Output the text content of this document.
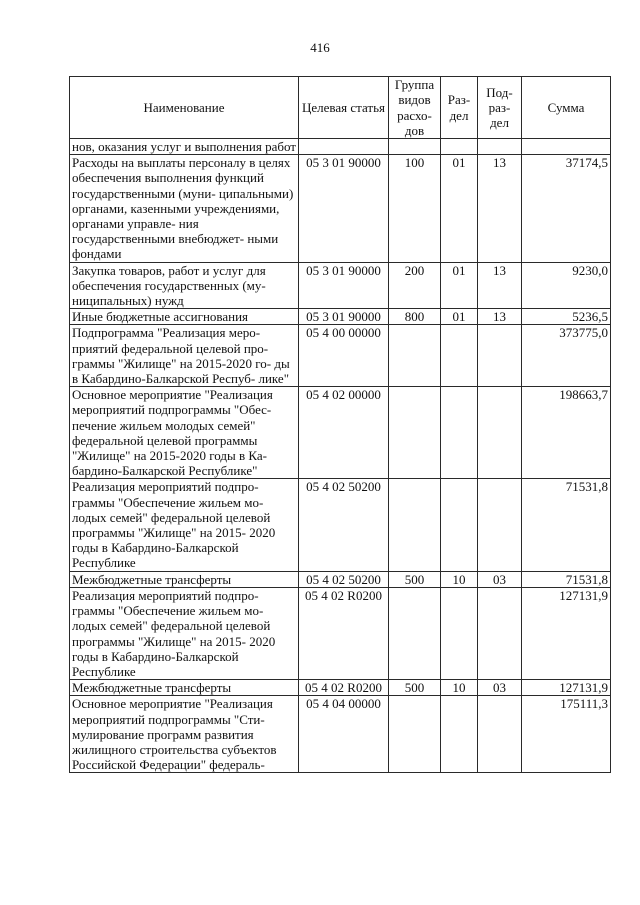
416
Наименование	Целевая статья	Группа видов расхо- дов	Раз- дел	Под- раз- дел	Сумма
нов, оказания услуг и выполнения работ					
Расходы на выплаты персоналу в целях обеспечения выполнения функций государственными (муни- ципальными) органами, казенными учреждениями, органами управле- ния государственными внебюджет- ными фондами	05 3 01 90000	100	01	13	37174,5
Закупка товаров, работ и услуг для обеспечения государственных (му- ниципальных) нужд	05 3 01 90000	200	01	13	9230,0
Иные бюджетные ассигнования	05 3 01 90000	800	01	13	5236,5
Подпрограмма "Реализация меро- приятий федеральной целевой про- граммы "Жилище" на 2015-2020 го- ды в Кабардино-Балкарской Респуб- лике"	05 4 00 00000				373775,0
Основное мероприятие "Реализация мероприятий подпрограммы "Обес- печение жильем молодых семей" федеральной целевой программы "Жилище" на 2015-2020 годы в Ка- бардино-Балкарской Республике"	05 4 02 00000				198663,7
Реализация мероприятий подпро- граммы "Обеспечение жильем мо- лодых семей" федеральной целевой программы "Жилище" на 2015- 2020 годы в Кабардино-Балкарской Республике	05 4 02 50200				71531,8
Межбюджетные трансферты	05 4 02 50200	500	10	03	71531,8
Реализация мероприятий подпро- граммы "Обеспечение жильем мо- лодых семей" федеральной целевой программы "Жилище" на 2015- 2020 годы в Кабардино-Балкарской Республике	05 4 02 R0200				127131,9
Межбюджетные трансферты	05 4 02 R0200	500	10	03	127131,9
Основное мероприятие "Реализация мероприятий подпрограммы "Сти- мулирование программ развития жилищного строительства субъектов Российской Федерации" федераль-	05 4 04 00000				175111,3
